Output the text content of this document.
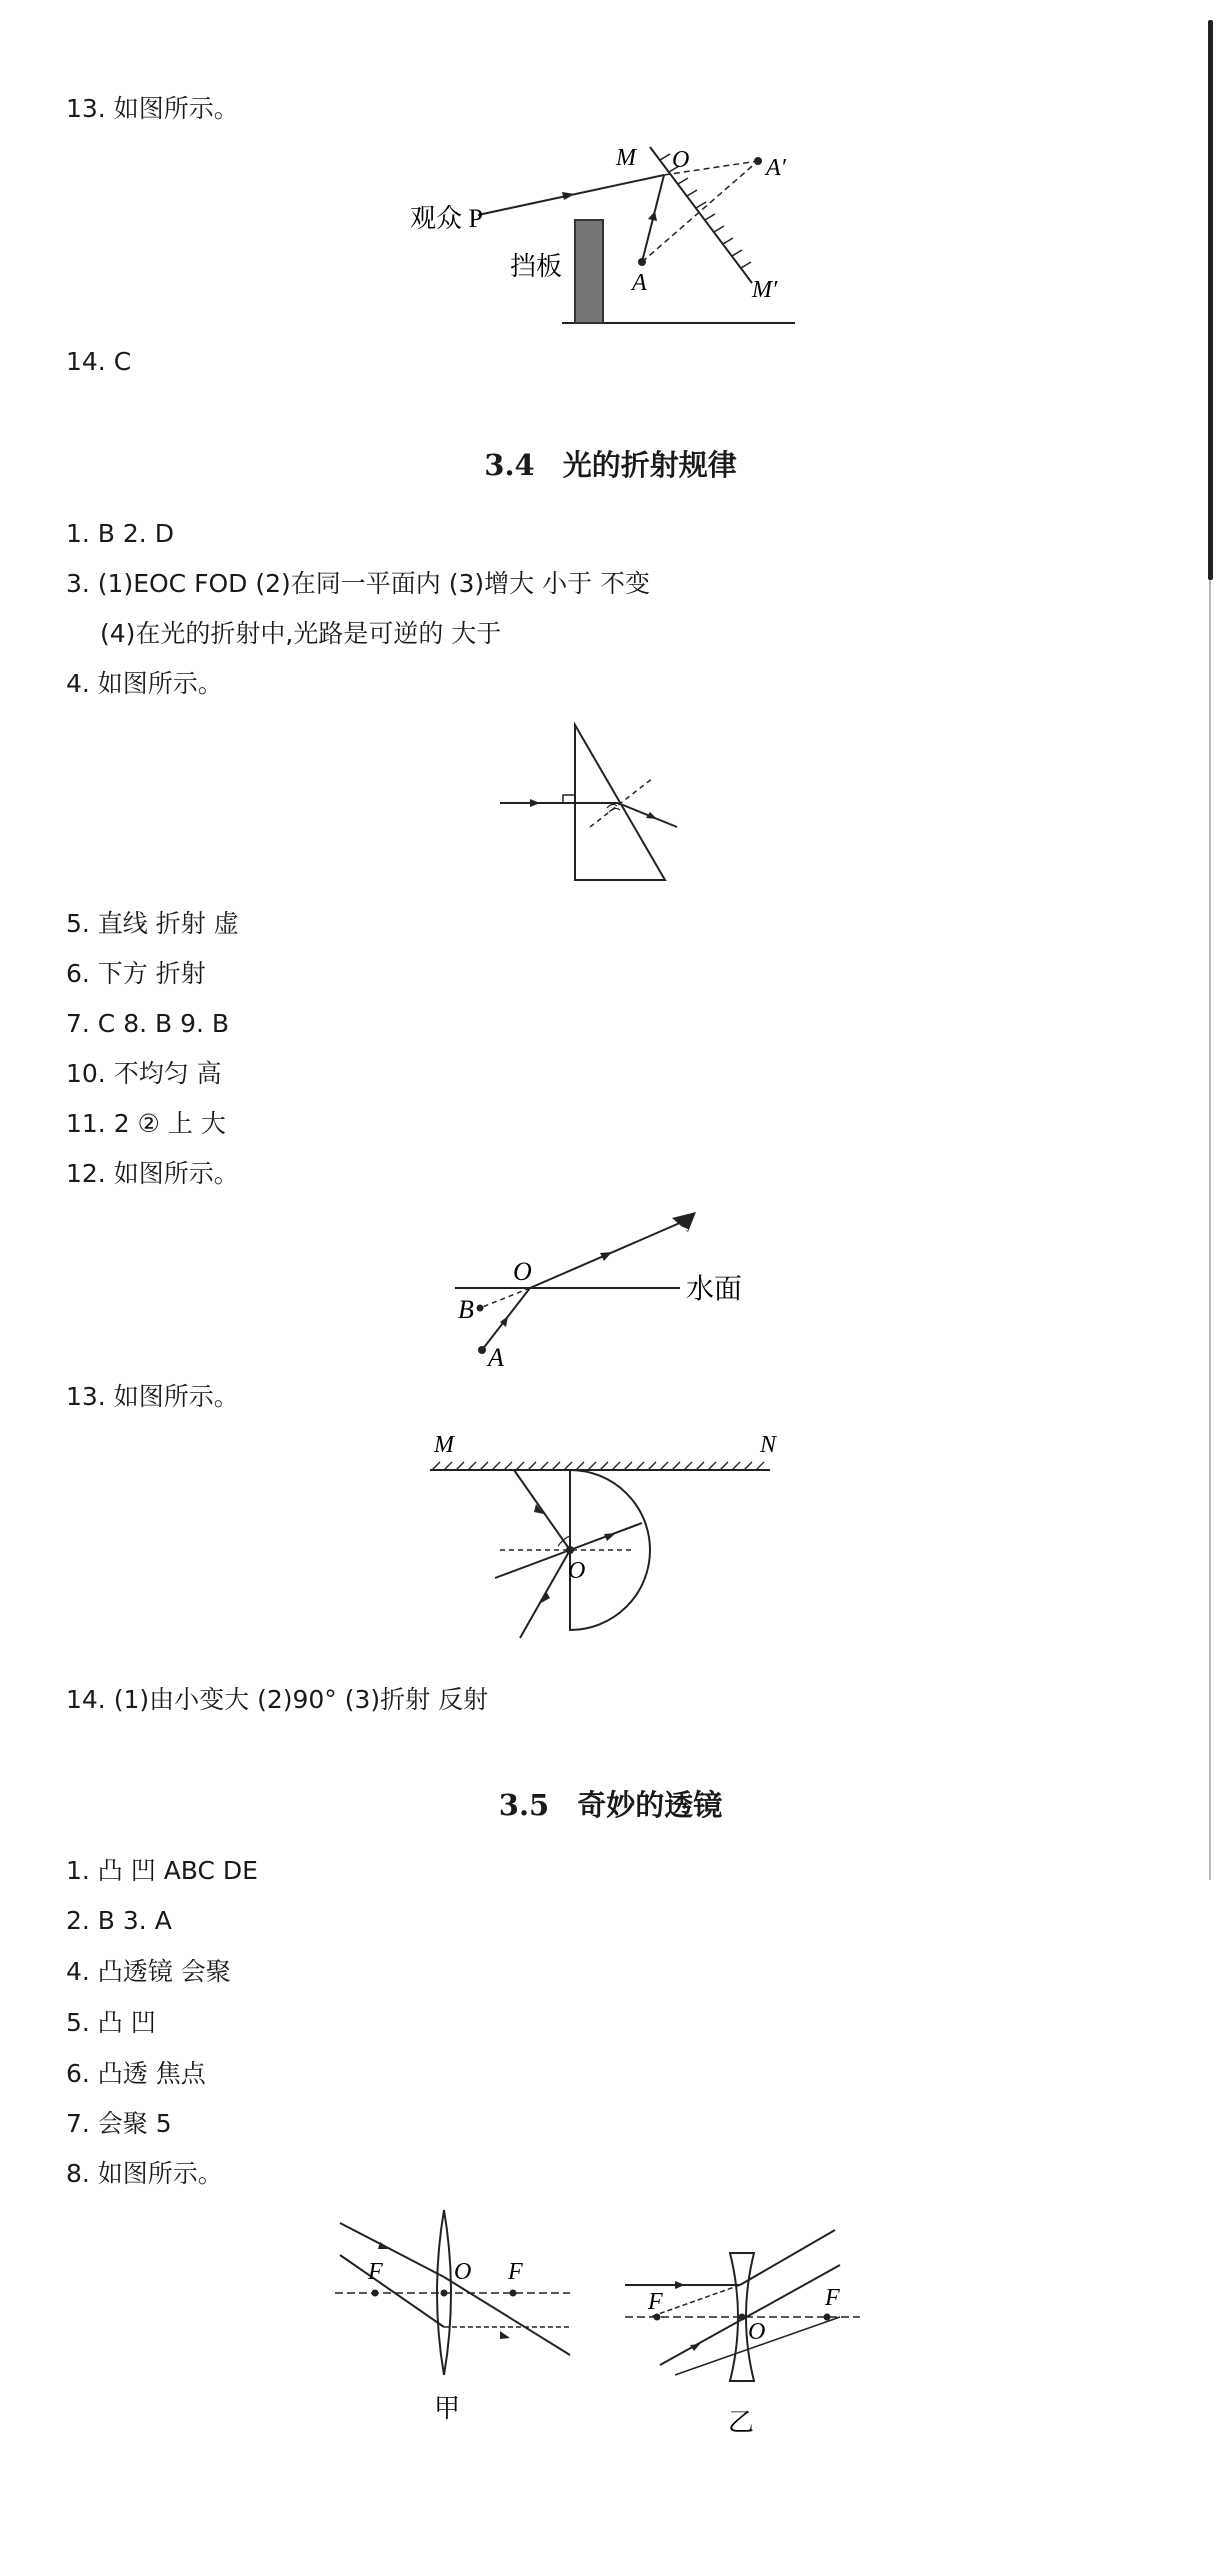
13. 如图所示。
观众 P
挡板
M O	A′
A	M′
14. C
3.4 光的折射规律
1. B 2. D
3. (1)EOC FOD (2)在同一平面内 (3)增大 小于 不变
(4)在光的折射中,光路是可逆的 大于
4. 如图所示。
5. 直线 折射 虚
6. 下方 折射
7. C 8. B 9. B
10. 不均匀 高
11. 2 ② 上 大
12. 如图所示。
O
B
A
水面
13. 如图所示。
M	N
O
14. (1)由小变大 (2)90° (3)折射 反射
3.5 奇妙的透镜
1. 凸 凹 ABC DE
2. B 3. A
4. 凸透镜 会聚
5. 凸 凹
6. 凸透 焦点
7. 会聚 5
8. 如图所示。
F	O F
甲
F
O
F
乙
